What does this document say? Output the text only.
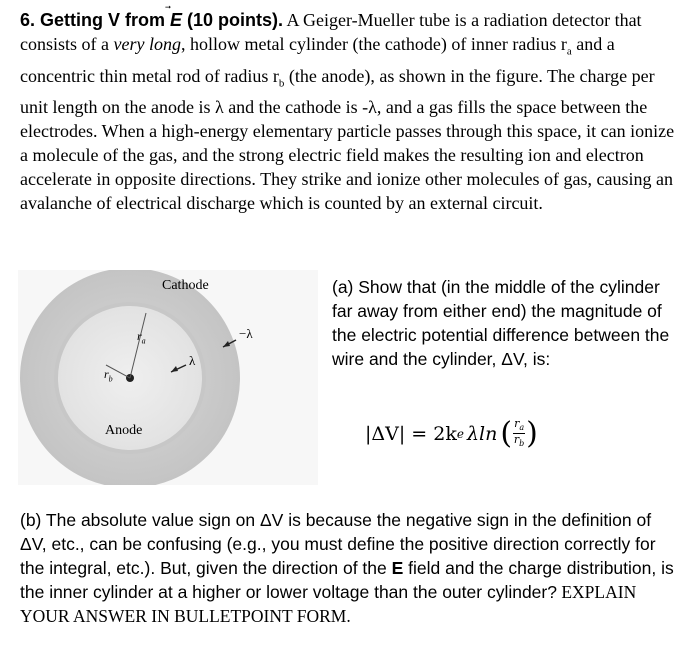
6. Getting V from E
(10 points). A Geiger-Mueller tube is a radiation detector that consists of a very long, hollow metal cylinder (the cathode) of inner radius $r_a$ and a concentric thin metal rod of radius $r_b$ (the anode), as shown in the figure. The charge per unit length on the anode is λ and the cathode is -λ, and a gas fills the space between the electrodes. When a high-energy elementary particle passes through this space, it can ionize a molecule of the gas, and the strong electric field makes the resulting ion and electron accelerate in opposite directions. They strike and ionize other molecules of gas, causing an avalanche of electrical discharge which is counted by an external circuit.
Cathode
Anode
$r_a$
$r_b$
−λ
λ
(a) Show that (in the middle of the cylinder far away from either end) the magnitude of the electric potential difference between the wire and the cylinder, ΔV, is:
|ΔV| = 2k e λ ln ( $\frac{r_a}{r_b}$ )
(b) The absolute value sign on ΔV is because the negative sign in the definition of ΔV, etc., can be confusing (e.g., you must define the positive direction correctly for the integral, etc.). But, given the direction of the E field and the charge distribution, is the inner cylinder at a higher or lower voltage than the outer cylinder? EXPLAIN YOUR ANSWER IN BULLETPOINT FORM.
